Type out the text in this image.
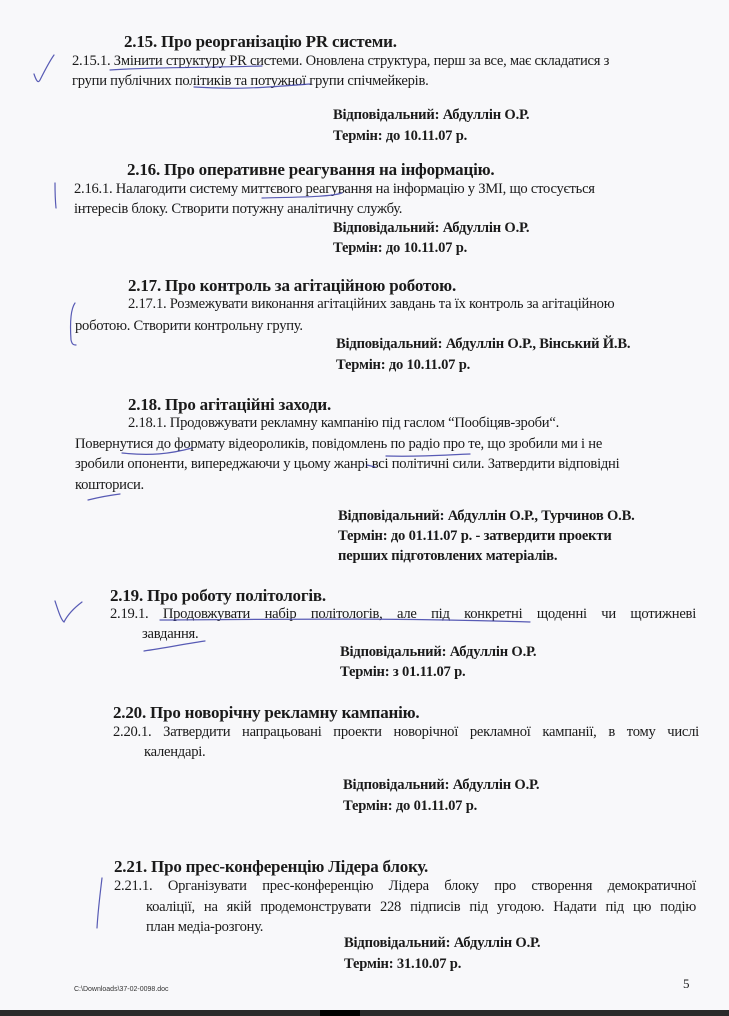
2.15. Про реорганізацію PR системи.
2.15.1. Змінити структуру PR системи. Оновлена структура, перш за все, має складатися з
групи публічних політиків та потужної групи спічмейкерів.
Відповідальний: Абдуллін О.Р.
Термін: до 10.11.07 р.
2.16. Про оперативне реагування на інформацію.
2.16.1. Налагодити систему миттєвого реагування на інформацію у ЗМІ, що стосується
інтересів блоку. Створити потужну аналітичну службу.
Відповідальний: Абдуллін О.Р.
Термін: до 10.11.07 р.
2.17. Про контроль за агітаційною роботою.
2.17.1. Розмежувати виконання агітаційних завдань та їх контроль за агітаційною
роботою. Створити контрольну групу.
Відповідальний: Абдуллін О.Р., Вінський Й.В.
Термін: до 10.11.07 р.
2.18. Про агітаційні заходи.
2.18.1. Продовжувати рекламну кампанію під гаслом “Пообіцяв-зроби“.
Повернутися до формату відеороликів, повідомлень по радіо про те, що зробили ми і не
зробили опоненти, випереджаючи у цьому жанрі всі політичні сили. Затвердити відповідні
кошториси.
Відповідальний: Абдуллін О.Р., Турчинов О.В.
Термін: до 01.11.07 р. - затвердити проекти
перших підготовлених матеріалів.
2.19. Про роботу політологів.
2.19.1. Продовжувати набір політологів, але під конкретні щоденні чи щотижневі
завдання.
Відповідальний: Абдуллін О.Р.
Термін: з 01.11.07 р.
2.20. Про новорічну рекламну кампанію.
2.20.1. Затвердити напрацьовані проекти новорічної рекламної кампанії, в тому числі
календарі.
Відповідальний: Абдуллін О.Р.
Термін: до 01.11.07 р.
2.21. Про прес-конференцію Лідера блоку.
2.21.1. Організувати прес-конференцію Лідера блоку про створення демократичної
коаліції, на якій продемонструвати 228 підписів під угодою. Надати під цю подію
план медіа-розгону.
Відповідальний: Абдуллін О.Р.
Термін: 31.10.07 р.
C:\Downloads\37-02-0098.doc	5
